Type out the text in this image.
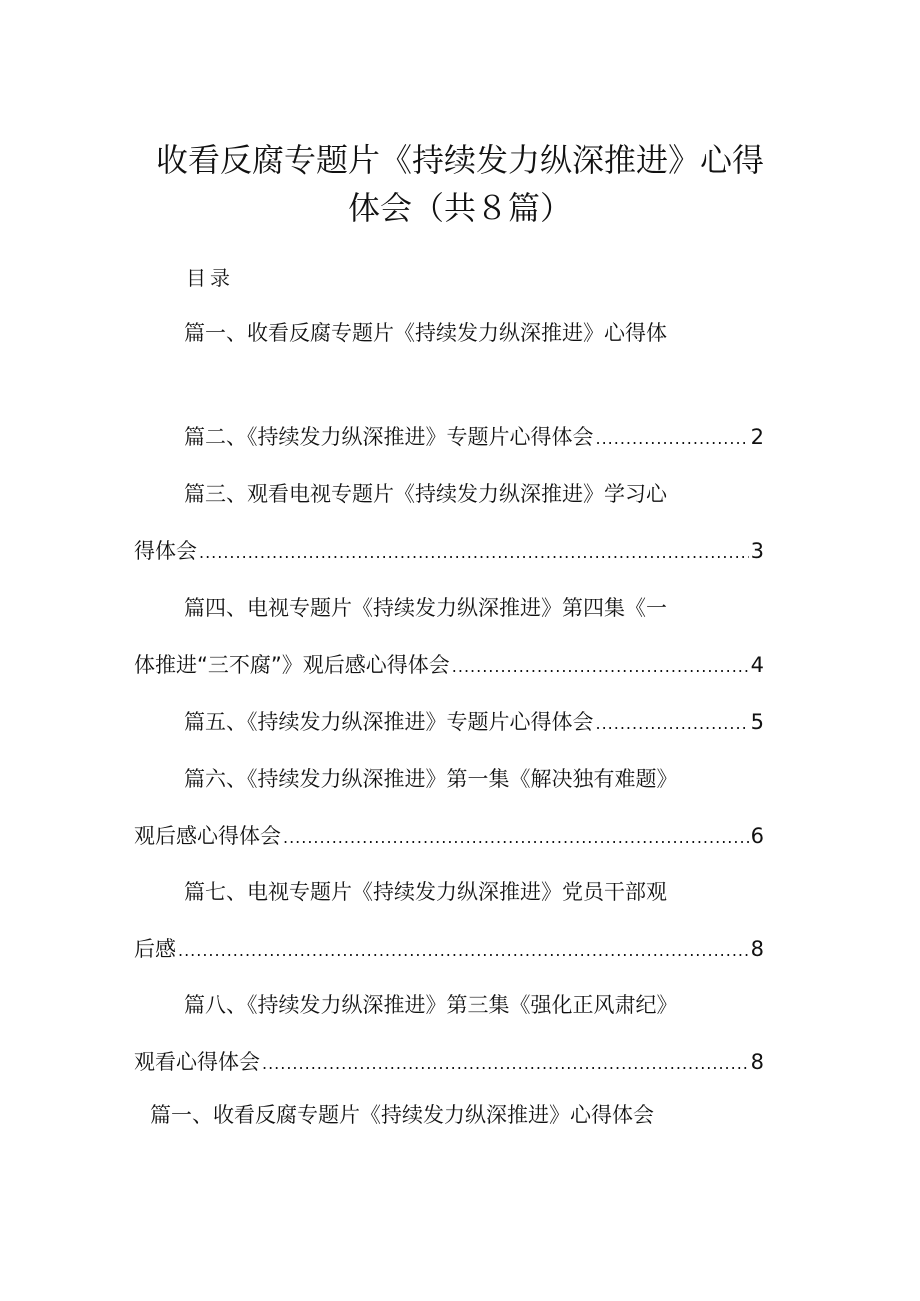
收看反腐专题片《持续发力纵深推进》心得
体会（共８篇）
目录
篇一、收看反腐专题片《持续发力纵深推进》心得体
篇二、《持续发力纵深推进》专题片心得体会 .....	2
篇三、观看电视专题片《持续发力纵深推进》学习心
得体会 .....	3
篇四、电视专题片《持续发力纵深推进》第四集《一
体推进“三不腐”》观后感心得体会 .....	4
篇五、《持续发力纵深推进》专题片心得体会 .....	5
篇六、《持续发力纵深推进》第一集《解决独有难题》
观后感心得体会 .....	6
篇七、电视专题片《持续发力纵深推进》党员干部观
后感 .....	8
篇八、《持续发力纵深推进》第三集《强化正风肃纪》
观看心得体会 .....	8
篇一、收看反腐专题片《持续发力纵深推进》心得体会
